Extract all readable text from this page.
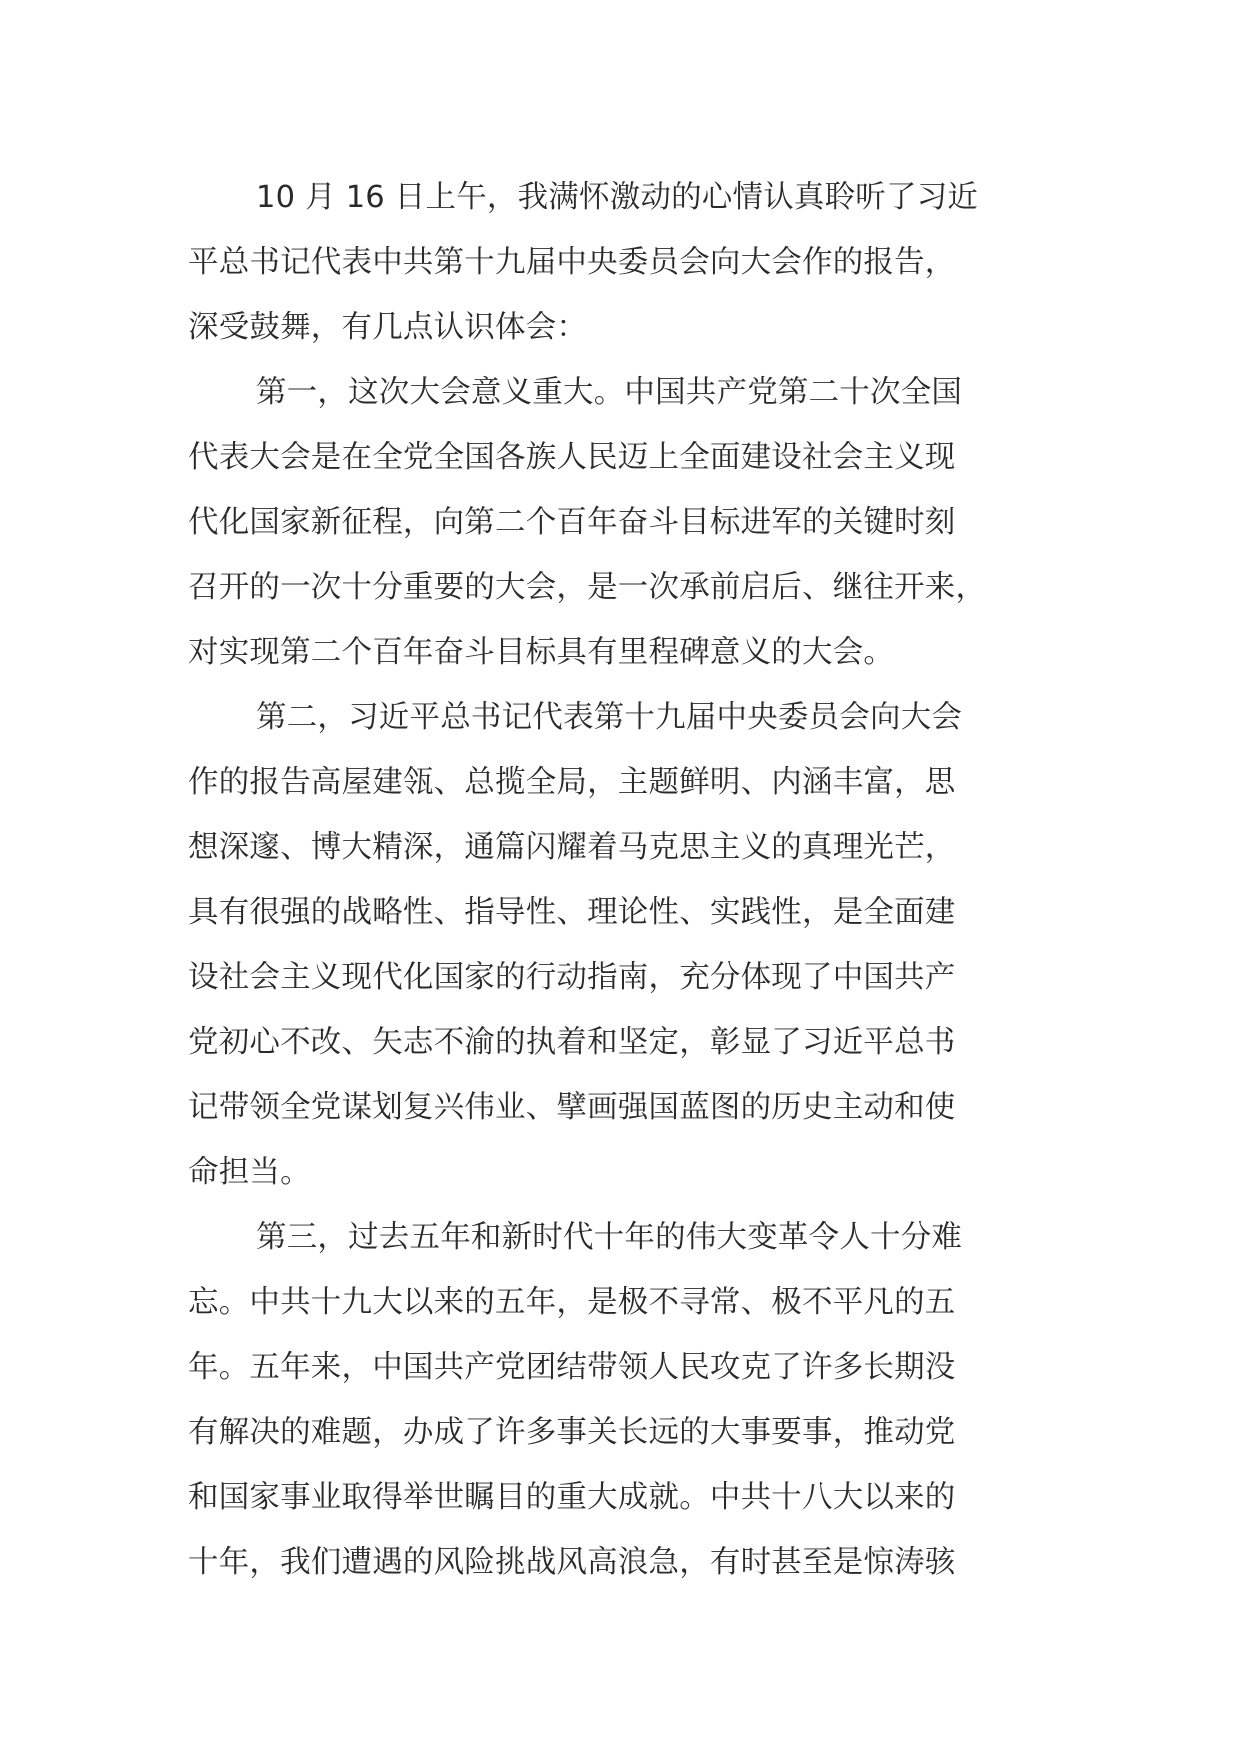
10 月 16 日上午，我满怀激动的心情认真聆听了习近
平总书记代表中共第十九届中央委员会向大会作的报告，
深受鼓舞，有几点认识体会：

第一，这次大会意义重大。中国共产党第二十次全国
代表大会是在全党全国各族人民迈上全面建设社会主义现
代化国家新征程，向第二个百年奋斗目标进军的关键时刻
召开的一次十分重要的大会，是一次承前启后、继往开来，
对实现第二个百年奋斗目标具有里程碑意义的大会。

第二，习近平总书记代表第十九届中央委员会向大会
作的报告高屋建瓴、总揽全局，主题鲜明、内涵丰富，思
想深邃、博大精深，通篇闪耀着马克思主义的真理光芒，
具有很强的战略性、指导性、理论性、实践性，是全面建
设社会主义现代化国家的行动指南，充分体现了中国共产
党初心不改、矢志不渝的执着和坚定，彰显了习近平总书
记带领全党谋划复兴伟业、擘画强国蓝图的历史主动和使
命担当。

第三，过去五年和新时代十年的伟大变革令人十分难
忘。中共十九大以来的五年，是极不寻常、极不平凡的五
年。五年来，中国共产党团结带领人民攻克了许多长期没
有解决的难题，办成了许多事关长远的大事要事，推动党
和国家事业取得举世瞩目的重大成就。中共十八大以来的
十年，我们遭遇的风险挑战风高浪急，有时甚至是惊涛骇
